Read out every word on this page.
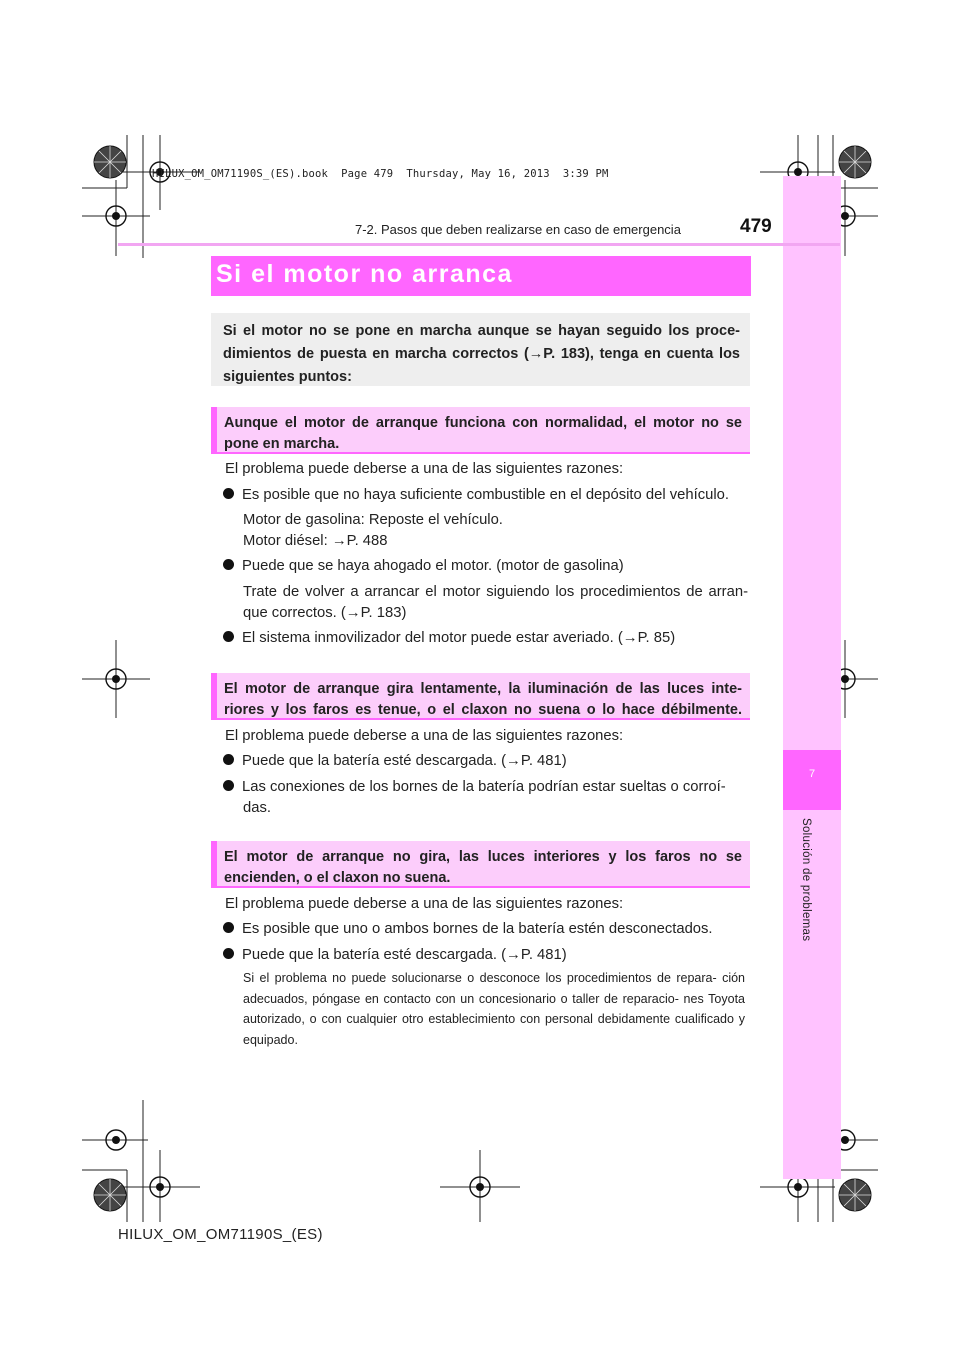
HILUX_OM_OM71190S_(ES).book  Page 479  Thursday, May 16, 2013  3:39 PM
7
Solución de problemas
7-2. Pasos que deben realizarse en caso de emergencia	479
Si el motor no arranca
Si el motor no se pone en marcha aunque se hayan seguido los proce- dimientos de puesta en marcha correctos (→P. 183), tenga en cuenta los siguientes puntos:
Aunque el motor de arranque funciona con normalidad, el motor no se
pone en marcha.
El problema puede deberse a una de las siguientes razones:
Es posible que no haya suficiente combustible en el depósito del vehículo.
Motor de gasolina: Reposte el vehículo.
Motor diésel: →P. 488
Puede que se haya ahogado el motor. (motor de gasolina)
Trate de volver a arrancar el motor siguiendo los procedimientos de arran-
que correctos. (→P. 183)
El sistema inmovilizador del motor puede estar averiado. (→P. 85)
El motor de arranque gira lentamente, la iluminación de las luces inte-
riores y los faros es tenue, o el claxon no suena o lo hace débilmente.
El problema puede deberse a una de las siguientes razones:
Puede que la batería esté descargada. (→P. 481)
Las conexiones de los bornes de la batería podrían estar sueltas o corroí-
das.
El motor de arranque no gira, las luces interiores y los faros no se
encienden, o el claxon no suena.
El problema puede deberse a una de las siguientes razones:
Es posible que uno o ambos bornes de la batería estén desconectados.
Puede que la batería esté descargada. (→P. 481)
Si el problema no puede solucionarse o desconoce los procedimientos de repara- ción adecuados, póngase en contacto con un concesionario o taller de reparacio- nes Toyota autorizado, o con cualquier otro establecimiento con personal debidamente cualificado y equipado.
HILUX_OM_OM71190S_(ES)
